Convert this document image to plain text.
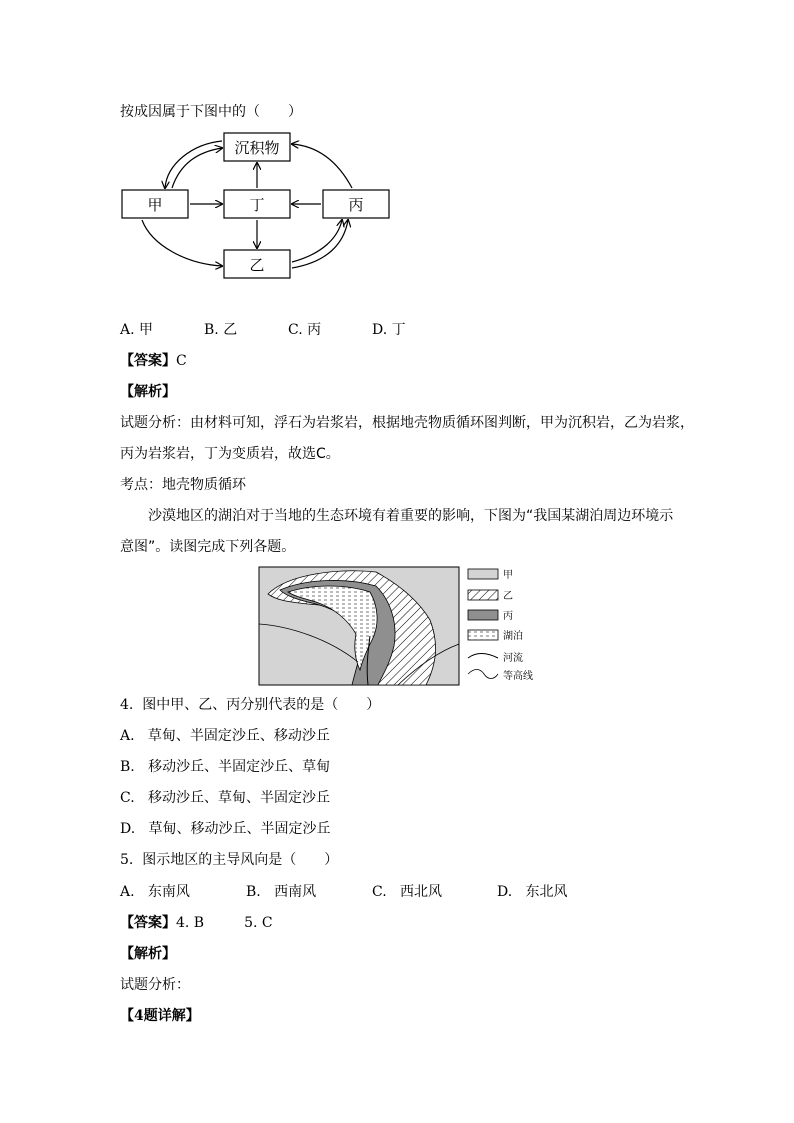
按成因属于下图中的（　　）
沉积物
甲	丁	丙
乙
A. 甲	B. 乙	C. 丙	D. 丁
【答案】C
【解析】
试题分析：由材料可知，浮石为岩浆岩，根据地壳物质循环图判断，甲为沉积岩，乙为岩浆，
丙为岩浆岩，丁为变质岩，故选C。
考点：地壳物质循环
沙漠地区的湖泊对于当地的生态环境有着重要的影响，下图为“我国某湖泊周边环境示
意图”。读图完成下列各题。
甲
乙
丙
湖泊
河流
等高线
4. 图中甲、乙、丙分别代表的是（　　）
A. 草甸、半固定沙丘、移动沙丘
B. 移动沙丘、半固定沙丘、草甸
C. 移动沙丘、草甸、半固定沙丘
D. 草甸、移动沙丘、半固定沙丘
5. 图示地区的主导风向是（　　）
A. 东南风	B. 西南风	C. 西北风	D. 东北风
【答案】4. B	5. C
【解析】
试题分析：
【4题详解】
